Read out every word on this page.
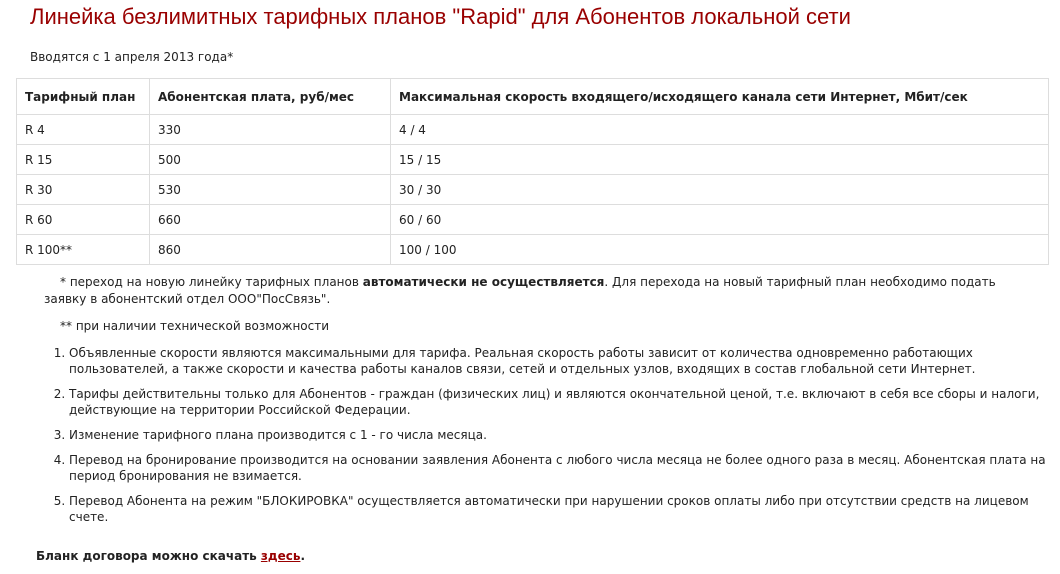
Линейка безлимитных тарифных планов "Rapid" для Абонентов локальной сети

Вводятся с 1 апреля 2013 года*

Тарифный план	Абонентская плата, руб/мес	Максимальная скорость входящего/исходящего канала сети Интернет, Мбит/сек
R 4	330	4 / 4
R 15	500	15 / 15
R 30	530	30 / 30
R 60	660	60 / 60
R 100**	860	100 / 100

* переход на новую линейку тарифных планов автоматически не осуществляется. Для перехода на новый тарифный план необходимо подать заявку в абонентский отдел ООО"ПосСвязь".

** при наличии технической возможности

1. Объявленные скорости являются максимальными для тарифа. Реальная скорость работы зависит от количества одновременно работающих пользователей, а также скорости и качества работы каналов связи, сетей и отдельных узлов, входящих в состав глобальной сети Интернет.
2. Тарифы действительны только для Абонентов - граждан (физических лиц) и являются окончательной ценой, т.е. включают в себя все сборы и налоги, действующие на территории Российской Федерации.
3. Изменение тарифного плана производится с 1 - го числа месяца.
4. Перевод на бронирование производится на основании заявления Абонента с любого числа месяца не более одного раза в месяц. Абонентская плата на период бронирования не взимается.
5. Перевод Абонента на режим "БЛОКИРОВКА" осуществляется автоматически при нарушении сроков оплаты либо при отсутствии средств на лицевом счете.

Бланк договора можно скачать здесь.
